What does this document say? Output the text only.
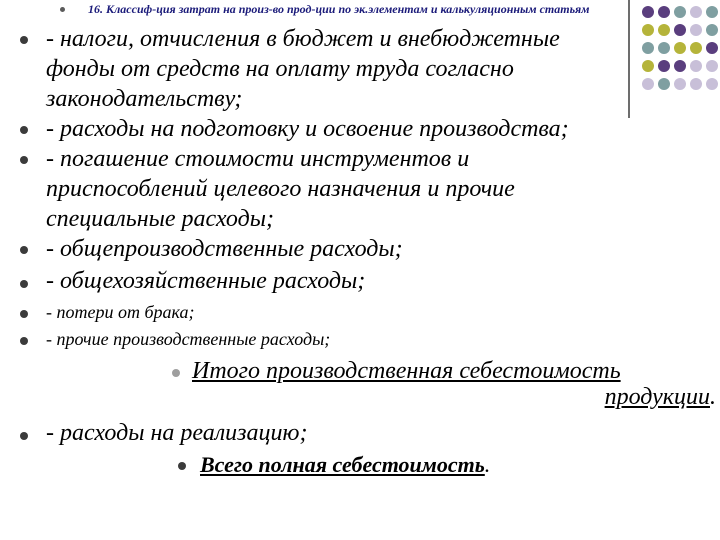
16. Классиф-ция затрат на произ-во прод-ции по эк.элементам и калькуляционным статьям
- налоги, отчисления в бюджет и внебюджетные
фонды от средств на оплату труда согласно
законодательству;
- расходы на подготовку и освоение производства;
- погашение стоимости инструментов и
приспособлений целевого назначения и прочие
специальные расходы;
- общепроизводственные расходы;
- общехозяйственные расходы;
- потери от брака;
- прочие производственные расходы;
Итого производственная себестоимость
продукции.
- расходы на реализацию;
Всего полная себестоимость.
